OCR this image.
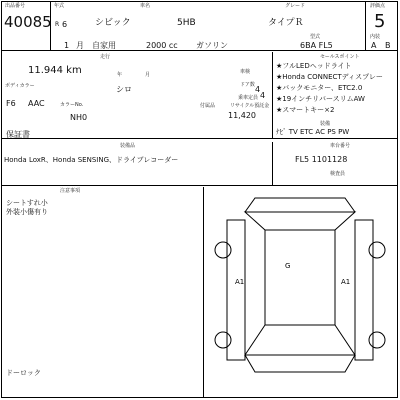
出品番号
40085
年式
R 6
車名
シビック	5HB
グレード
タイプＲ
評価点
5
1 月 自家用	2000 cc ガソリン	6BA FL5
型式	内装
A B
走行
11.944 km	年	月	車検
ボディカラー	シロ	ドア数 4
乗車定員 4
F6 AAC	カラーNo.
NH0
付属品	リサイクル預託金
11,420
保証書
セールスポイント
★フルLEDヘッドライト
★Honda CONNECTディスプレー
★バックモニター、ETC2.0
★19インチリバースリムAW
★スマートキー×2
装備
ﾅﾋﾞ TV ETC AC PS PW
装備品
Honda LoxR、Honda SENSING、ドライブレコーダー
車台番号
FL5 1101128
検査員
注意事項
シートすれ小
外装小傷有り
ドーロック
G
A1	A1
